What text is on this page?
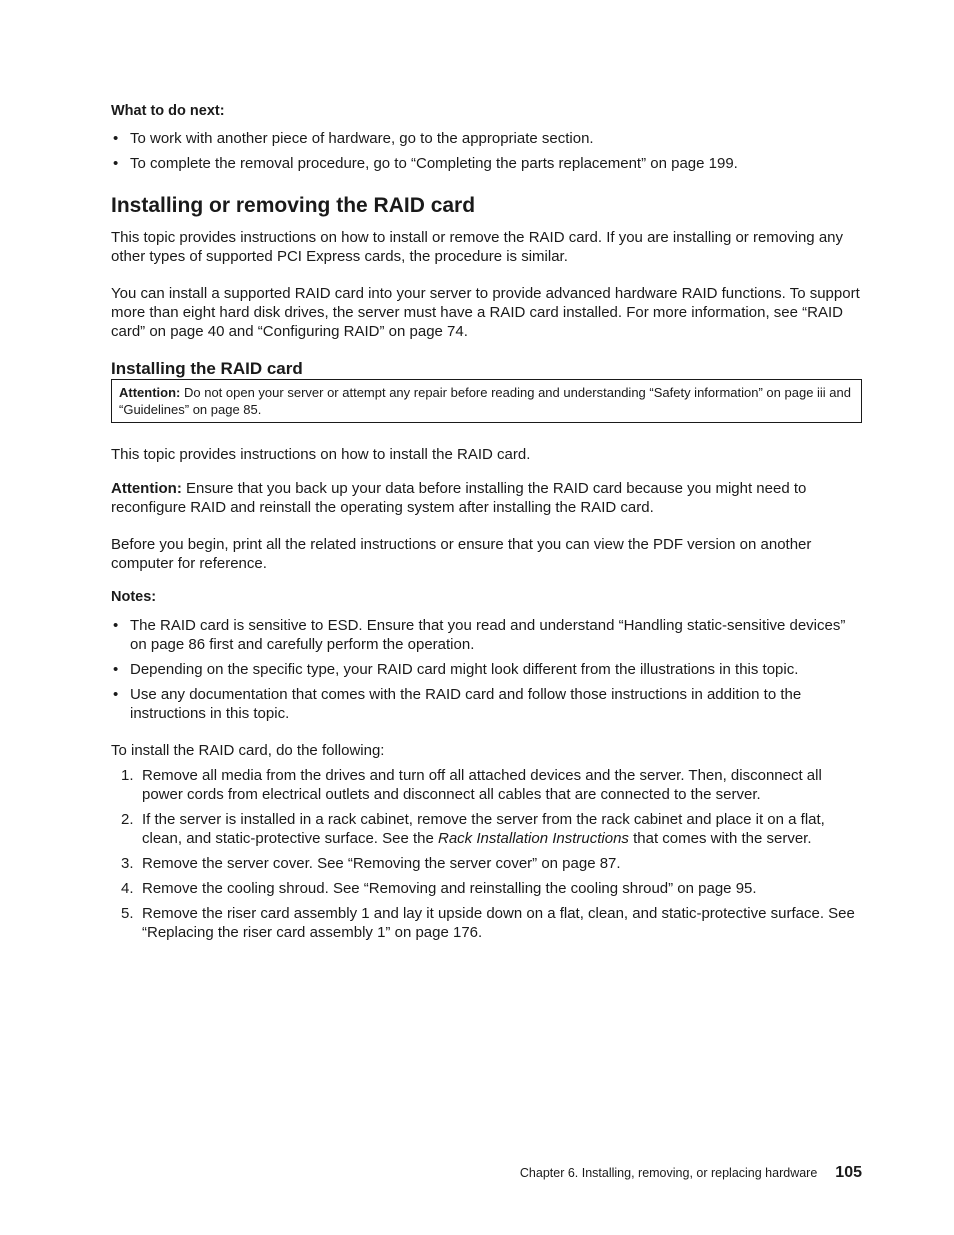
What to do next:
• To work with another piece of hardware, go to the appropriate section.
• To complete the removal procedure, go to “Completing the parts replacement” on page 199.
Installing or removing the RAID card

This topic provides instructions on how to install or remove the RAID card. If you are installing or removing any other types of supported PCI Express cards, the procedure is similar.

You can install a supported RAID card into your server to provide advanced hardware RAID functions. To support more than eight hard disk drives, the server must have a RAID card installed. For more information, see “RAID card” on page 40 and “Configuring RAID” on page 74.

Installing the RAID card
Attention: Do not open your server or attempt any repair before reading and understanding “Safety information” on page iii and “Guidelines” on page 85.

This topic provides instructions on how to install the RAID card.

Attention: Ensure that you back up your data before installing the RAID card because you might need to reconfigure RAID and reinstall the operating system after installing the RAID card.

Before you begin, print all the related instructions or ensure that you can view the PDF version on another computer for reference.

Notes:
• The RAID card is sensitive to ESD. Ensure that you read and understand “Handling static-sensitive devices” on page 86 first and carefully perform the operation.
• Depending on the specific type, your RAID card might look different from the illustrations in this topic.
• Use any documentation that comes with the RAID card and follow those instructions in addition to the instructions in this topic.

To install the RAID card, do the following:

1. Remove all media from the drives and turn off all attached devices and the server. Then, disconnect all power cords from electrical outlets and disconnect all cables that are connected to the server.
2. If the server is installed in a rack cabinet, remove the server from the rack cabinet and place it on a flat, clean, and static-protective surface. See the Rack Installation Instructions that comes with the server.
3. Remove the server cover. See “Removing the server cover” on page 87.
4. Remove the cooling shroud. See “Removing and reinstalling the cooling shroud” on page 95.
5. Remove the riser card assembly 1 and lay it upside down on a flat, clean, and static-protective surface. See “Replacing the riser card assembly 1” on page 176.
Chapter 6. Installing, removing, or replacing hardware 105
